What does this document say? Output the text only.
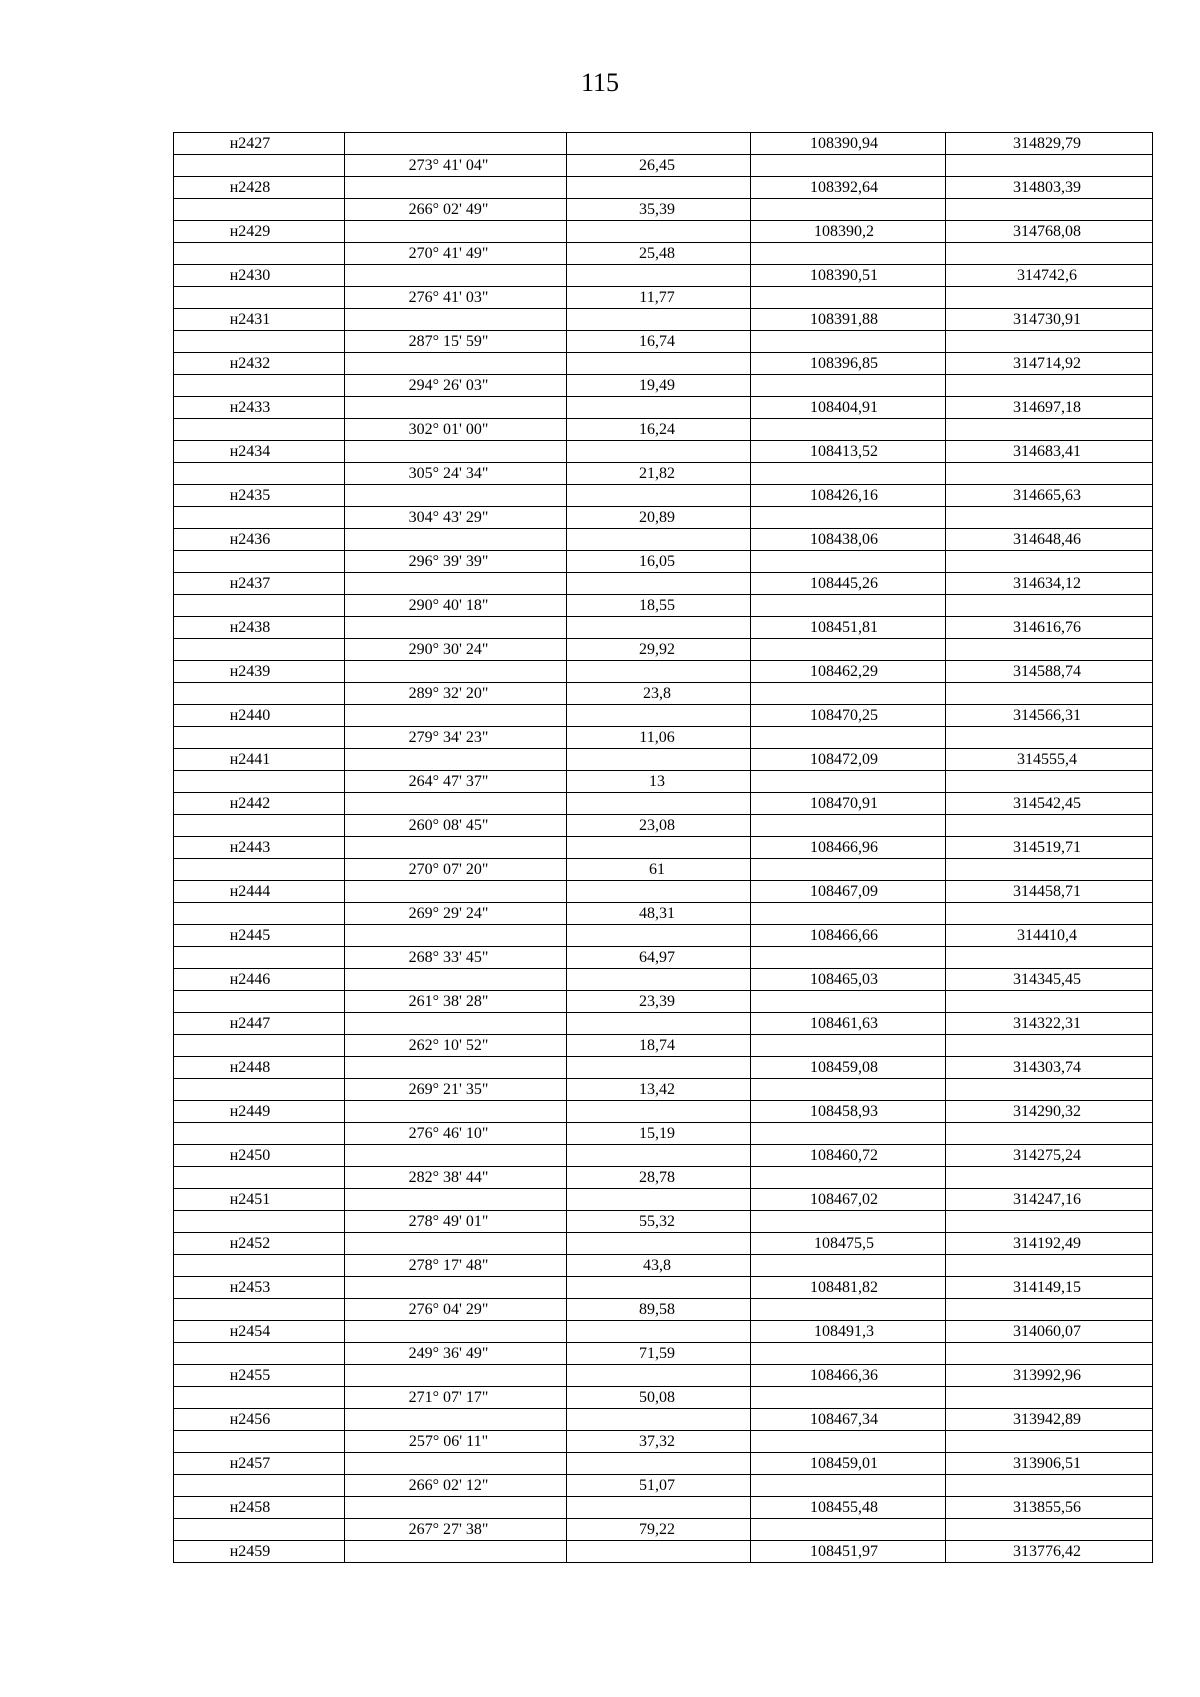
115
н2427			108390,94	314829,79
	273° 41' 04"	26,45		
н2428			108392,64	314803,39
	266° 02' 49"	35,39		
н2429			108390,2	314768,08
	270° 41' 49"	25,48		
н2430			108390,51	314742,6
	276° 41' 03"	11,77		
н2431			108391,88	314730,91
	287° 15' 59"	16,74		
н2432			108396,85	314714,92
	294° 26' 03"	19,49		
н2433			108404,91	314697,18
	302° 01' 00"	16,24		
н2434			108413,52	314683,41
	305° 24' 34"	21,82		
н2435			108426,16	314665,63
	304° 43' 29"	20,89		
н2436			108438,06	314648,46
	296° 39' 39"	16,05		
н2437			108445,26	314634,12
	290° 40' 18"	18,55		
н2438			108451,81	314616,76
	290° 30' 24"	29,92		
н2439			108462,29	314588,74
	289° 32' 20"	23,8		
н2440			108470,25	314566,31
	279° 34' 23"	11,06		
н2441			108472,09	314555,4
	264° 47' 37"	13		
н2442			108470,91	314542,45
	260° 08' 45"	23,08		
н2443			108466,96	314519,71
	270° 07' 20"	61		
н2444			108467,09	314458,71
	269° 29' 24"	48,31		
н2445			108466,66	314410,4
	268° 33' 45"	64,97		
н2446			108465,03	314345,45
	261° 38' 28"	23,39		
н2447			108461,63	314322,31
	262° 10' 52"	18,74		
н2448			108459,08	314303,74
	269° 21' 35"	13,42		
н2449			108458,93	314290,32
	276° 46' 10"	15,19		
н2450			108460,72	314275,24
	282° 38' 44"	28,78		
н2451			108467,02	314247,16
	278° 49' 01"	55,32		
н2452			108475,5	314192,49
	278° 17' 48"	43,8		
н2453			108481,82	314149,15
	276° 04' 29"	89,58		
н2454			108491,3	314060,07
	249° 36' 49"	71,59		
н2455			108466,36	313992,96
	271° 07' 17"	50,08		
н2456			108467,34	313942,89
	257° 06' 11"	37,32		
н2457			108459,01	313906,51
	266° 02' 12"	51,07		
н2458			108455,48	313855,56
	267° 27' 38"	79,22		
н2459			108451,97	313776,42
